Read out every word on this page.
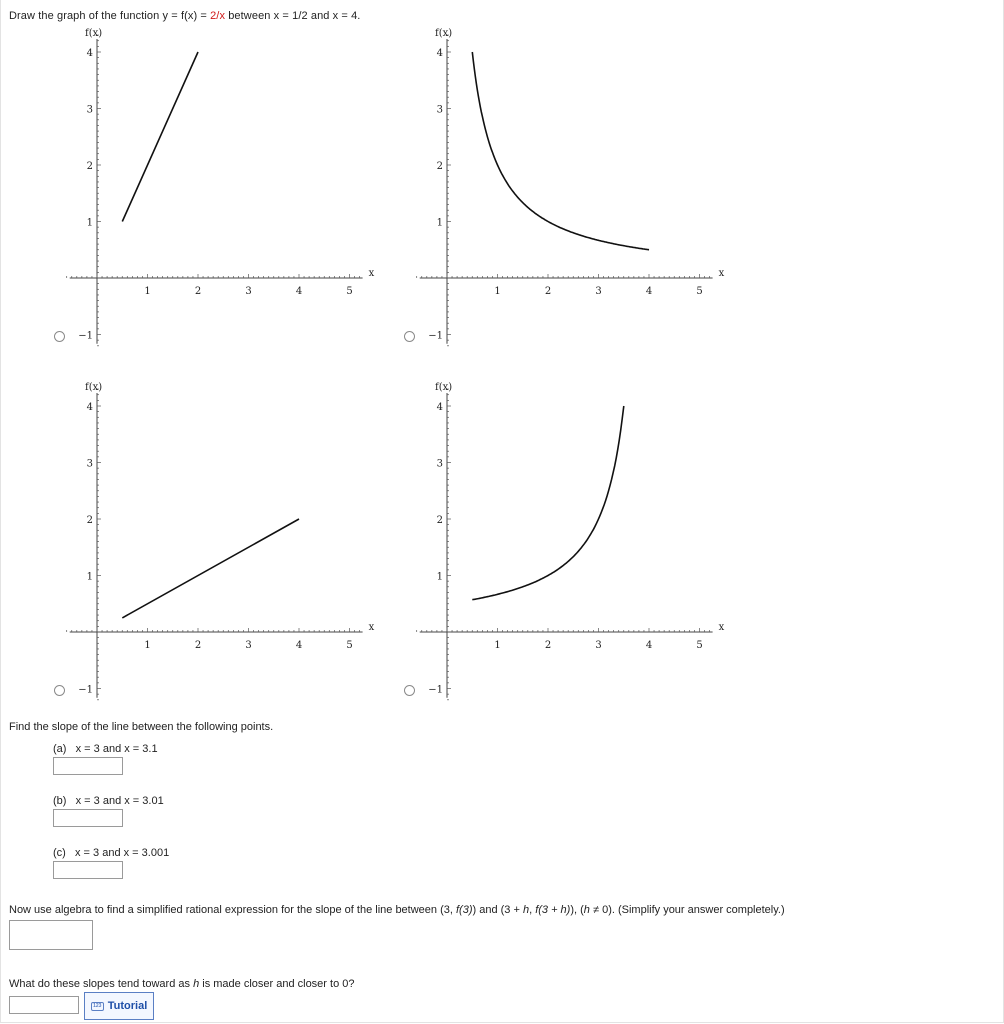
Draw the graph of the function y = f(x) = 2/x between x = 1/2 and x = 4.
1	2	3	4	5
4
3
2
1
−1
f(x)
x
1	2	3	4	5
4
3
2
1
−1
f(x)
x
1	2	3	4	5
4
3
2
1
−1
f(x)
x
1	2	3	4	5
4
3
2
1
−1
f(x)
x
Find the slope of the line between the following points.
(a) x = 3 and x = 3.1
(b) x = 3 and x = 3.01
(c) x = 3 and x = 3.001
Now use algebra to find a simplified rational expression for the slope of the line between (3, f(3)) and (3 + h, f(3 + h)), (h ≠ 0). (Simplify your answer completely.)
What do these slopes tend toward as h is made closer and closer to 0?
123 Tutorial
